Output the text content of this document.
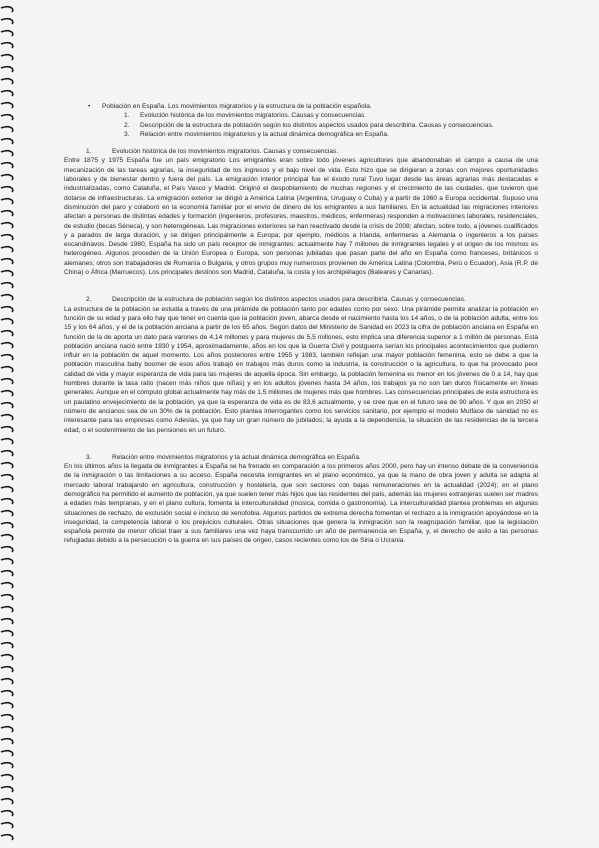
•	Población en España. Los movimientos migratorios y la estructura de la población española.
1.	Evolución histórica de los movimientos migratorios. Causas y consecuencias.
2.	Descripción de la estructura de población según los distintos aspectos usados para describirla. Causas y consecuencias.
3.	Relación entre movimientos migratorios y la actual dinámica demográfica en España.
1.	Evolución histórica de los movimientos migratorios. Causas y consecuencias.

Entre 1875 y 1975 España fue un país emigratorio Los emigrantes eran sobre todo jóvenes agricultores que abandonaban el campo a causa de una mecanización de las tareas agrarias, la inseguridad de los ingresos y el bajo nivel de vida. Esto hizo que se dirigieran a zonas con mejores oportunidades laborales y de bienestar dentro y fuera del país. La emigración interior principal fue el éxodo rural Tuvo lugar desde las áreas agrarias más destacadas e industrializadas, como Cataluña, el País Vasco y Madrid. Originó el despoblamiento de muchas regiones y el crecimiento de las ciudades, que tuvieron que dotarse de infraestructuras. La emigración exterior se dirigió a América Latina (Argentina, Uruguay o Cuba) y a partir de 1960 a Europa occidental. Supuso una disminución del paro y colaboró en la economía familiar por el envío de dinero de los emigrantes a sus familiares. En la actualidad las migraciones interiores afectan a personas de distintas edades y formación (ingenieros, profesores, maestros, médicos, enfermeras) responden a motivaciones laborales, residenciales, de estudio (becas Séneca), y son heterogéneas. Las migraciones exteriores se han reactivado desde la crisis de 2008; afectan, sobre todo, a jóvenes cualificados y a parados de larga duración, y se dirigen principalmente a Europa; por ejemplo, médicos a Irlanda, enfermeras a Alemania o ingenieros a los países escandinavos. Desde 1980, España ha sido un país receptor de inmigrantes: actualmente hay 7 millones de inmigrantes legales y el origen de los mismos es heterogéneo. Algunos proceden de la Unión Europea o Europa, son personas jubiladas que pasan parte del año en España como franceses, británicos o alemanes; otros son trabajadores de Rumanía o Bulgaria, y otros grupos muy numerosos provienen de América Latina (Colombia, Perú o Ecuador), Asia (R.P. de China) o África (Marruecos). Los principales destinos son Madrid, Cataluña, la costa y los archipiélagos (Baleares y Canarias).

2.	Descripción de la estructura de población según los distintos aspectos usados para describirla. Causas y consecuencias.

La estructura de la población se estudia a través de una pirámide de población tanto por edades como por sexo. Una pirámide permite analizar la población en función de su edad y para ello hay que tener en cuenta que la población joven, abarca desde el nacimiento hasta los 14 años, o de la población adulta, entre los 15 y los 64 años, y el de la población anciana a partir de los 65 años. Según datos del Ministerio de Sanidad en 2023 la cifra de población anciana en España en función de la de aporta un dato para varones de 4,14 millones y para mujeres de 5,5 millones, esto implica una diferencia superior a 1 millón de personas. Esta población anciana nació entre 1930 y 1954, aproximadamente, años en los que la Guerra Civil y postguerra serían los principales acontecimientos que pudieron influir en la población de aquel momento. Los años posteriores entre 1955 y 1983, también reflejan una mayor población femenina, esto se debe a que la población masculina baby boomer de esos años trabajó en trabajos más duros como la industria, la construcción o la agricultura, lo que ha provocado peor calidad de vida y mayor esperanza de vida para las mujeres de aquella época. Sin embargo, la población femenina es menor en los jóvenes de 0 a 14, hay que hombres durante la tasa ratio (nacen más niños que niñas) y en los adultos jóvenes hasta 34 años, los trabajos ya no son tan duros físicamente en líneas generales. Aunque en el cómputo global actualmente hay más de 1,5 millones de mujeres más que hombres. Las consecuencias principales de esta estructura es un paulatino envejecimiento de la población, ya que la esperanza de vida es de 83,6 actualmente, y se cree que en el futuro sea de 90 años. Y que en 2050 el número de ancianos sea de un 30% de la población. Esto plantea interrogantes como los servicios sanitario, por ejemplo el modelo Mutface de sanidad no es interesante para las empresas como Adeslas, ya que hay un gran número de jubilados; la ayuda a la dependencia, la situación de las residencias de la tercera edad, o el sostenimiento de las pensiones en un futuro.

3.	Relación entre movimientos migratorios y la actual dinámica demográfica en España.

En los últimos años la llegada de inmigrantes a España se ha frenado en comparación a los primeros años 2000, pero hay un intenso debate de la conveniencia de la inmigración o las limitaciones a su acceso. España necesita inmigrantes en el plano económico, ya que la mano de obra joven y adulta se adapta al mercado laboral trabajando en agricultura, construcción y hostelería, que son sectores con bajas remuneraciones en la actualidad (2024); en el plano demográfico ha permitido el aumento de población, ya que suelen tener más hijos que las residentes del país, además las mujeres extranjeras suelen ser madres a edades más tempranas, y en el plano cultura, fomenta la interculturalidad (música, comida o gastronomía). La interculturalidad plantea problemas en algunas situaciones de rechazo, de exclusión social e incluso de xenofobia. Algunos partidos de extrema derecha fomentan el rechazo a la inmigración apoyándose en la inseguridad, la competencia laboral o los prejuicios culturales. Otras situaciones que genera la inmigración son la reagrupación familiar, que la legislación española permite de menor oficial traer a sus familiares una vez haya transcurrido un año de permanencia en España, y, el derecho de asilo a las personas refugiadas debido a la persecución o la guerra en sus países de origen, casos recientes como los de Siria o Ucrania.
